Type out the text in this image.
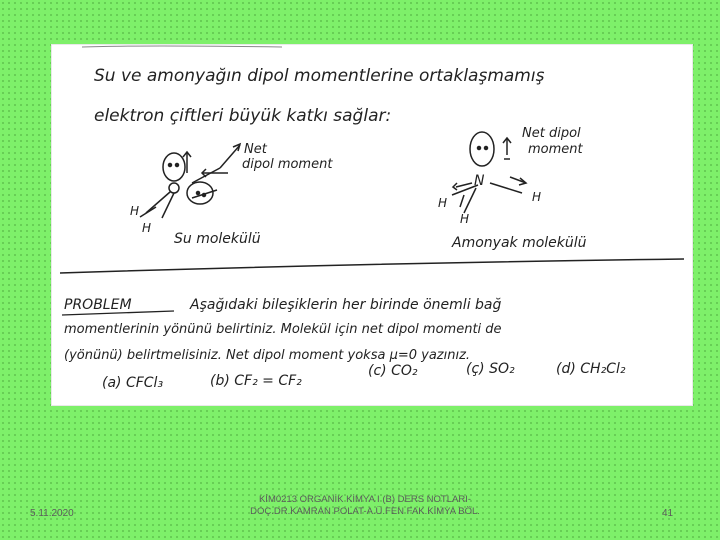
Su ve amonyağın dipol momentlerine ortaklaşmamış
elektron çiftleri büyük katkı sağlar:
Net
dipol moment
H
H
Su molekülü
N
Net dipol
moment
H
H
H
Amonyak molekülü
PROBLEM	Aşağıdaki bileşiklerin her birinde önemli bağ
momentlerinin yönünü belirtiniz. Molekül için net dipol momenti de
(yönünü) belirtmelisiniz. Net dipol moment yoksa μ=0 yazınız.
(a) CFCl₃	(b) CF₂ = CF₂
(c) CO₂	(ç) SO₂	(d) CH₂Cl₂
5.11.2020
KİM0213 ORGANİK KİMYA I (B) DERS NOTLARI-DOÇ.DR.KAMRAN POLAT-A.Ü.FEN FAK.KİMYA BÖL.	41
